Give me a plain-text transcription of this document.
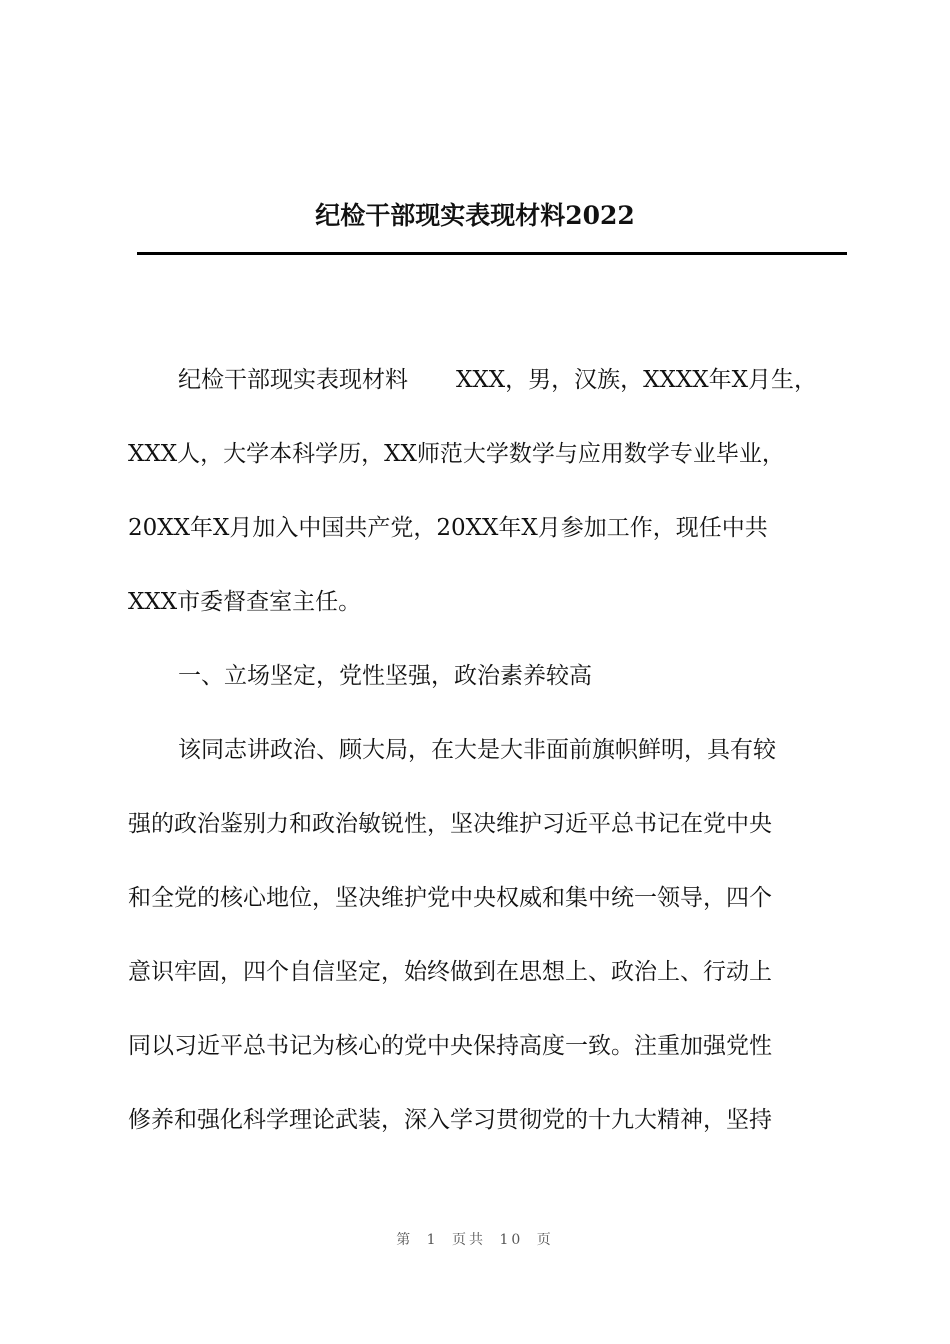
纪检干部现实表现材料2022
纪检干部现实表现材料 XXX，男，汉族，XXXX年X月生，
XXX人，大学本科学历，XX师范大学数学与应用数学专业毕业，
20XX年X月加入中国共产党，20XX年X月参加工作，现任中共
XXX市委督查室主任。
一、立场坚定，党性坚强，政治素养较高
该同志讲政治、顾大局，在大是大非面前旗帜鲜明，具有较
强的政治鉴别力和政治敏锐性，坚决维护习近平总书记在党中央
和全党的核心地位，坚决维护党中央权威和集中统一领导，四个
意识牢固，四个自信坚定，始终做到在思想上、政治上、行动上
同以习近平总书记为核心的党中央保持高度一致。注重加强党性
修养和强化科学理论武装，深入学习贯彻党的十九大精神，坚持
第 1 页共 10 页
